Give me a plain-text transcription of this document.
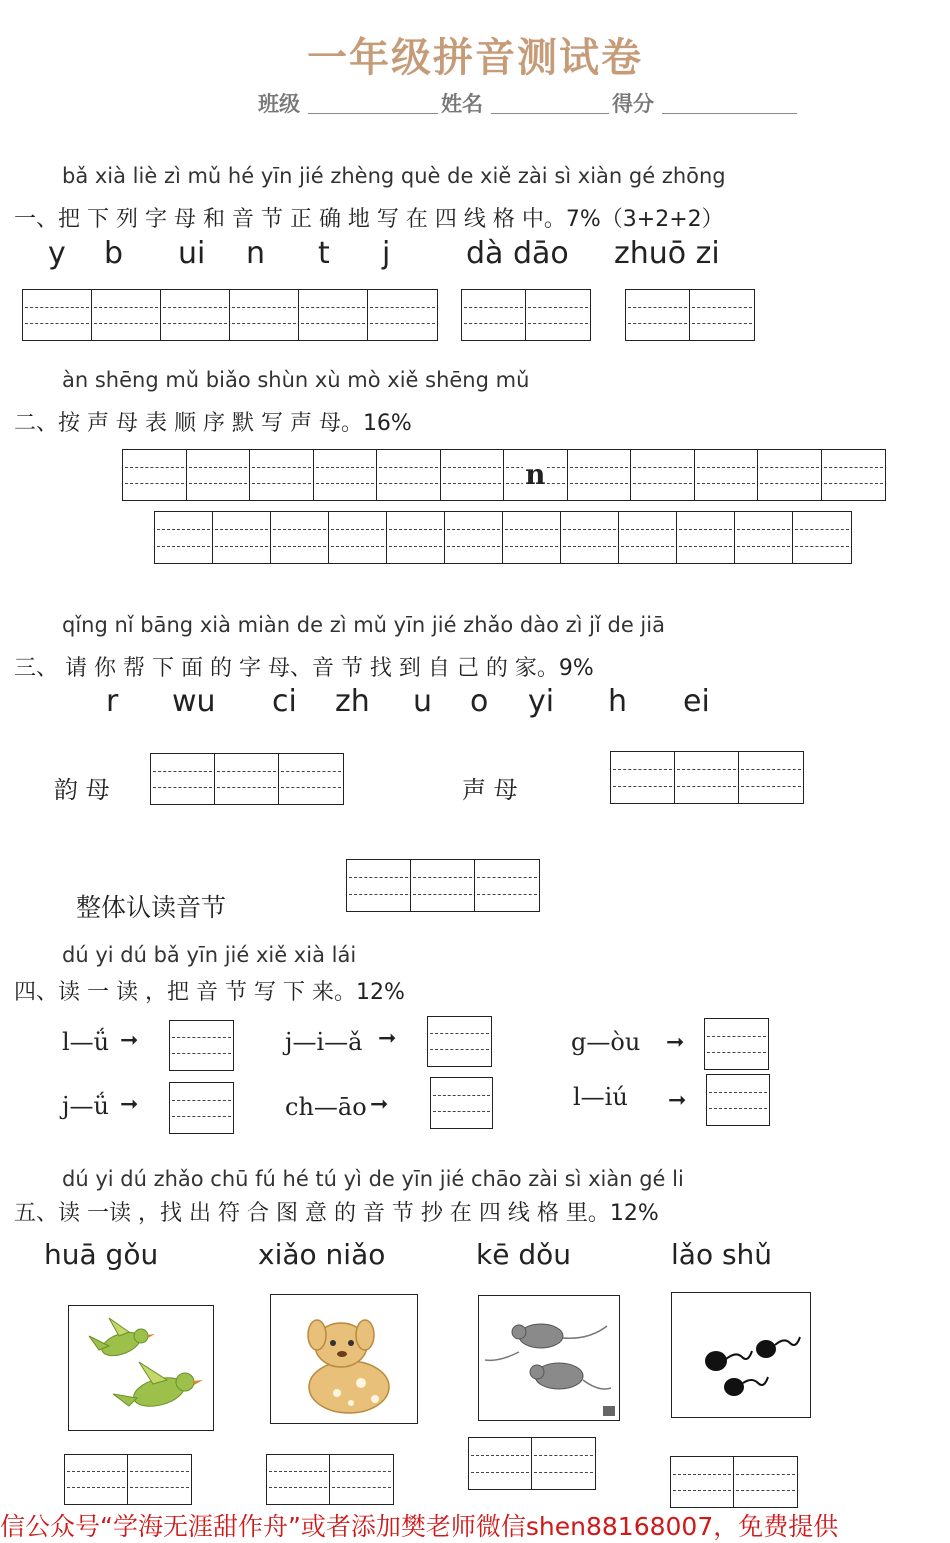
一年级拼音测试卷
班级	姓名	得分
bǎ xià liè zì mǔ hé yīn jié zhèng què de xiě zài sì xiàn gé zhōng
一、把 下 列 字 母 和 音 节 正 确 地 写 在 四 线 格 中。7%（3+2+2）
y b ui n t j	dà dāo zhuō zi
àn shēng mǔ biǎo shùn xù mò xiě shēng mǔ
二、按 声 母 表 顺 序 默 写 声 母。16%
n
qǐng nǐ bāng xià miàn de zì mǔ yīn jié zhǎo dào zì jǐ de jiā
三、 请 你 帮 下 面 的 字 母、音 节 找 到 自 己 的 家。9%
r wu ci zh u o yi h ei
韵 母	声 母
整体认读音节
dú yi dú bǎ yīn jié xiě xià lái
四、读 一 读 ，把 音 节 写 下 来。12%
l—ǘ ➞	j—i—ǎ ➞	g—òu ➞
j—ǘ ➞	ch—āo ➞	l—iú ➞
dú yi dú zhǎo chū fú hé tú yì de yīn jié chāo zài sì xiàn gé li
五、读 一读 ，找 出 符 合 图 意 的 音 节 抄 在 四 线 格 里。12%
huā gǒu	xiǎo niǎo	kē dǒu	lǎo shǔ
信公众号“学海无涯甜作舟”或者添加樊老师微信shen88168007，免费提供
